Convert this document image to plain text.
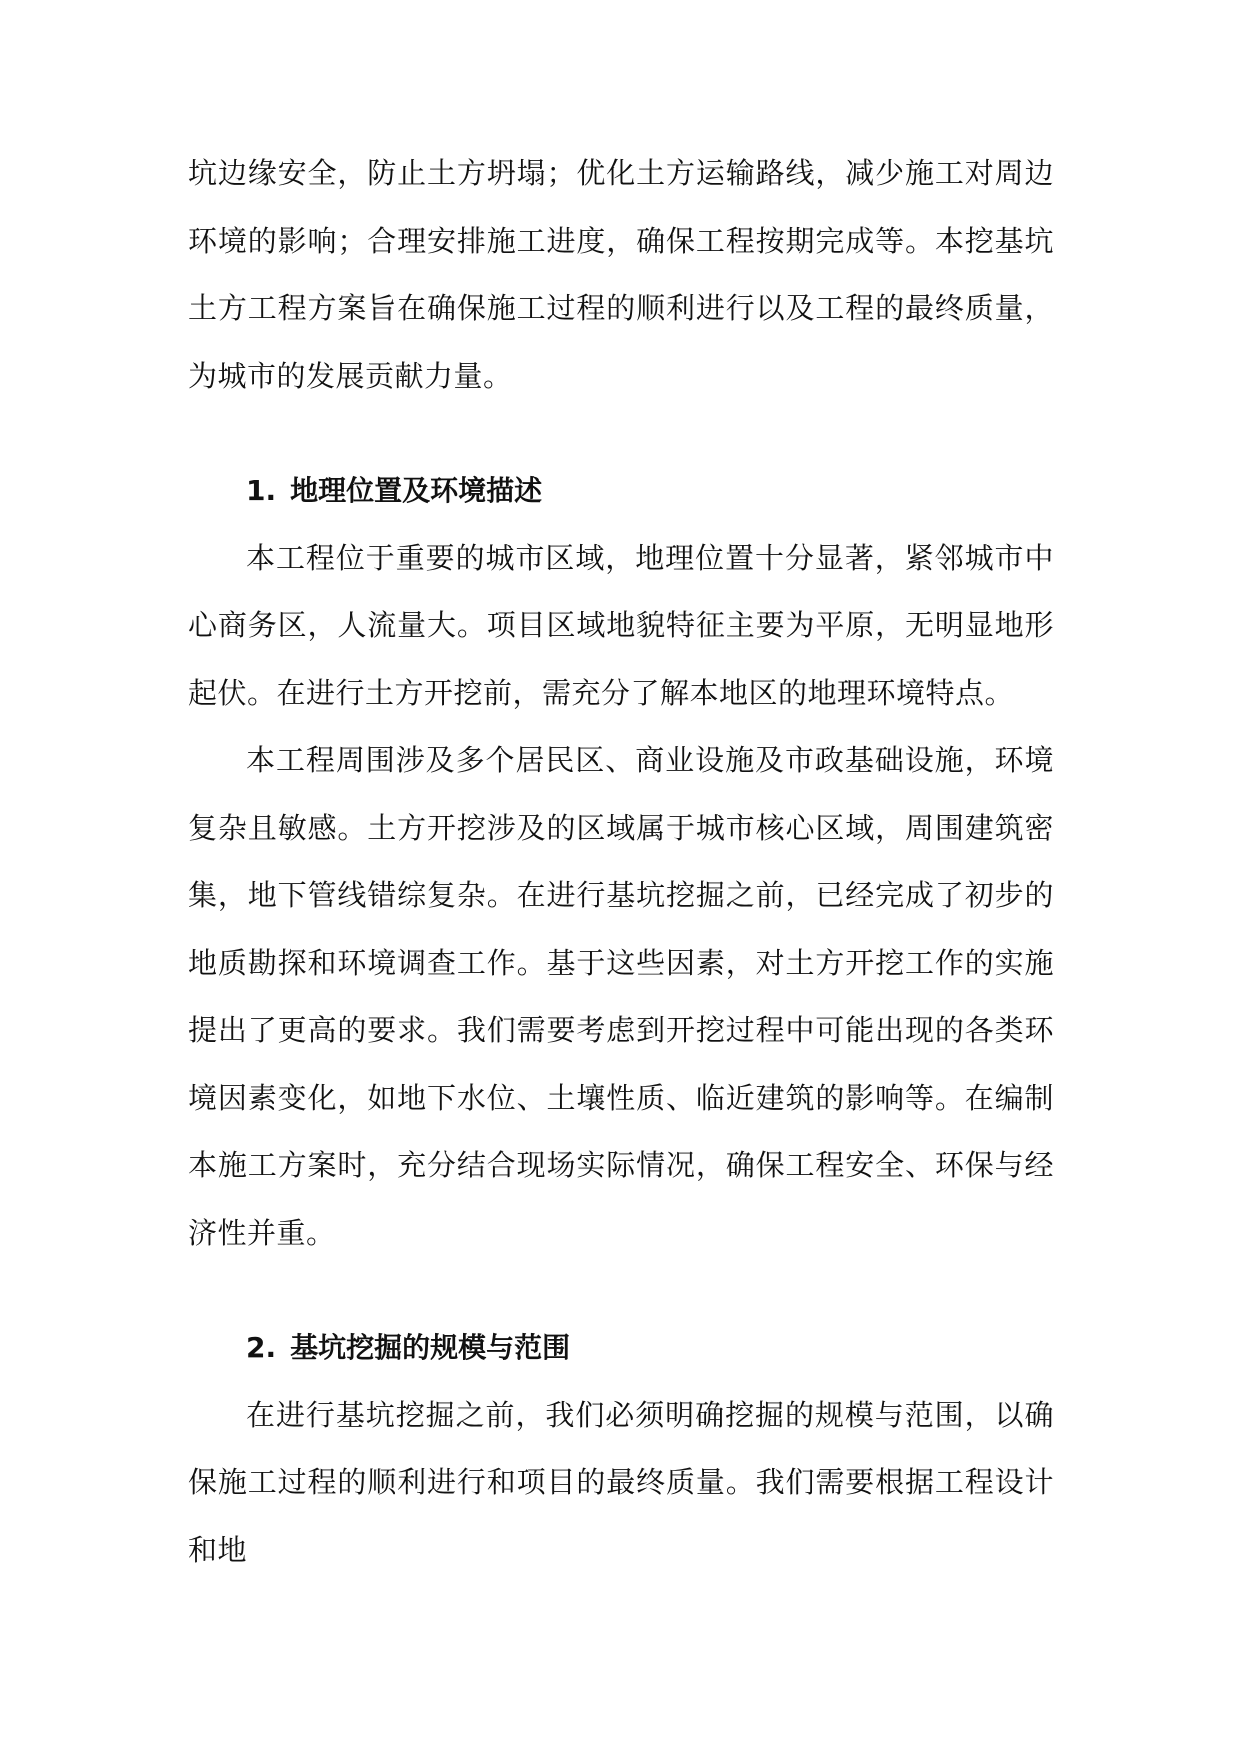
坑边缘安全，防止土方坍塌；优化土方运输路线，减少施工对周边环境的影响；合理安排施工进度，确保工程按期完成等。本挖基坑土方工程方案旨在确保施工过程的顺利进行以及工程的最终质量，为城市的发展贡献力量。

1. 地理位置及环境描述

本工程位于重要的城市区域，地理位置十分显著，紧邻城市中心商务区，人流量大。项目区域地貌特征主要为平原，无明显地形起伏。在进行土方开挖前，需充分了解本地区的地理环境特点。

本工程周围涉及多个居民区、商业设施及市政基础设施，环境复杂且敏感。土方开挖涉及的区域属于城市核心区域，周围建筑密集，地下管线错综复杂。在进行基坑挖掘之前，已经完成了初步的地质勘探和环境调查工作。基于这些因素，对土方开挖工作的实施提出了更高的要求。我们需要考虑到开挖过程中可能出现的各类环境因素变化，如地下水位、土壤性质、临近建筑的影响等。在编制本施工方案时，充分结合现场实际情况，确保工程安全、环保与经济性并重。

2. 基坑挖掘的规模与范围

在进行基坑挖掘之前，我们必须明确挖掘的规模与范围，以确保施工过程的顺利进行和项目的最终质量。我们需要根据工程设计和地
